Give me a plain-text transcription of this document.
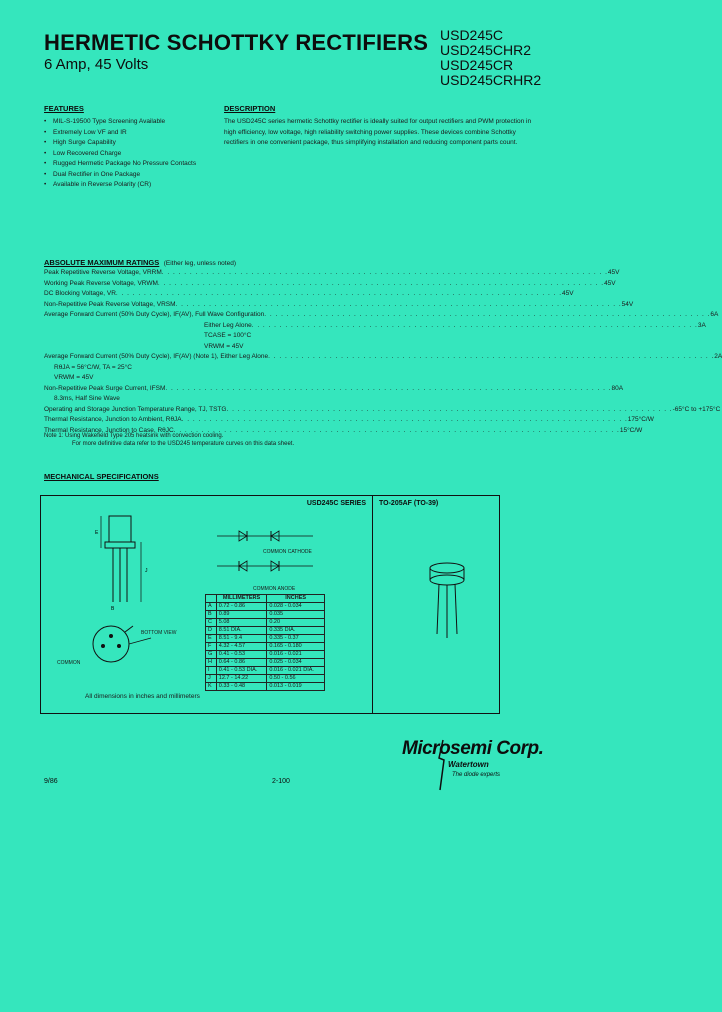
HERMETIC SCHOTTKY RECTIFIERS
6 Amp, 45 Volts
USD245C
USD245CHR2
USD245CR
USD245CRHR2
FEATURES
• MIL-S-19500 Type Screening Available
• Extremely Low VF and IR
• High Surge Capability
• Low Recovered Charge
• Rugged Hermetic Package No Pressure Contacts
• Dual Rectifier in One Package
• Available in Reverse Polarity (CR)
DESCRIPTION
The USD245C series hermetic Schottky rectifier is ideally suited for output rectifiers and PWM protection in high efficiency, low voltage, high reliability switching power supplies. These devices combine Schottky rectifiers in one convenient package, thus simplifying installation and reducing component parts count.
ABSOLUTE MAXIMUM RATINGS (Either leg, unless noted)
Peak Repetitive Reverse Voltage, VRRM . . . . . . . . . . . . . . . . . . . . . . . . . . . . . . . . . . . . . . . . . . . . . . . . . . . . . . . . . . . . . . . . . . . . . . . . . . . . . . . . 45V
Working Peak Reverse Voltage, VRWM . . . . . . . . . . . . . . . . . . . . . . . . . . . . . . . . . . . . . . . . . . . . . . . . . . . . . . . . . . . . . . . . . . . . . . . . . . . . . . . . 45V
DC Blocking Voltage, VR . . . . . . . . . . . . . . . . . . . . . . . . . . . . . . . . . . . . . . . . . . . . . . . . . . . . . . . . . . . . . . . . . . . . . . . . . . . . . . . . 45V
Non-Repetitive Peak Reverse Voltage, VRSM . . . . . . . . . . . . . . . . . . . . . . . . . . . . . . . . . . . . . . . . . . . . . . . . . . . . . . . . . . . . . . . . . . . . . . . . . . . . . . . . 54V
Average Forward Current (50% Duty Cycle), IF(AV), Full Wave Configuration . . . . . . . . . . . . . . . . . . . . . . . . . . . . . . . . . . . . . . . . . . . . . . . . . . . . . . . . . . . . . . . . . . . . . . . . . . . . . . . . 6A
Either Leg Alone . . . . . . . . . . . . . . . . . . . . . . . . . . . . . . . . . . . . . . . . . . . . . . . . . . . . . . . . . . . . . . . . . . . . . . . . . . . . . . . . 3A
TCASE = 100°C
VRWM = 45V
Average Forward Current (50% Duty Cycle), IF(AV) (Note 1), Either Leg Alone . . . . . . . . . . . . . . . . . . . . . . . . . . . . . . . . . . . . . . . . . . . . . . . . . . . . . . . . . . . . . . . . . . . . . . . . . . . . . . . . 2A
RθJA = 56°C/W, TA = 25°C
VRWM = 45V
Non-Repetitive Peak Surge Current, IFSM . . . . . . . . . . . . . . . . . . . . . . . . . . . . . . . . . . . . . . . . . . . . . . . . . . . . . . . . . . . . . . . . . . . . . . . . . . . . . . . . 80A
8.3ms, Half Sine Wave
Operating and Storage Junction Temperature Range, TJ, TSTG . . . . . . . . . . . . . . . . . . . . . . . . . . . . . . . . . . . . . . . . . . . . . . . . . . . . . . . . . . . . . . . . . . . . . . . . . . . . . . . . -65°C to +175°C
Thermal Resistance, Junction to Ambient, RθJA . . . . . . . . . . . . . . . . . . . . . . . . . . . . . . . . . . . . . . . . . . . . . . . . . . . . . . . . . . . . . . . . . . . . . . . . . . . . . . . . 175°C/W
Thermal Resistance, Junction to Case, RθJC . . . . . . . . . . . . . . . . . . . . . . . . . . . . . . . . . . . . . . . . . . . . . . . . . . . . . . . . . . . . . . . . . . . . . . . . . . . . . . . . 15°C/W
Note 1: Using Wakefield Type 205 heatsink with convection cooling.
For more definitive data refer to the USD245 temperature curves on this data sheet.
MECHANICAL SPECIFICATIONS
USD245C SERIES
J
E
B
BOTTOM VIEW
COMMON
COMMON CATHODE
COMMON ANODE
	MILLIMETERS	INCHES
A	0.72 - 0.86	0.028 - 0.034
B	0.89	0.035
C	5.08	0.20
D	8.51 DIA.	0.335 DIA.
E	8.51 - 9.4	0.335 - 0.37
F	4.32 - 4.57	0.165 - 0.180
G	0.41 - 0.53	0.016 - 0.021
H	0.64 - 0.86	0.025 - 0.034
I	0.41 - 0.53 DIA.	0.016 - 0.021 DIA.
J	12.7 - 14.22	0.50 - 0.56
K	0.33 - 0.48	0.013 - 0.019
All dimensions in inches and millimeters
TO-205AF (TO-39)
Microsemi Corp.
Watertown
The diode experts
9/86	2-100
